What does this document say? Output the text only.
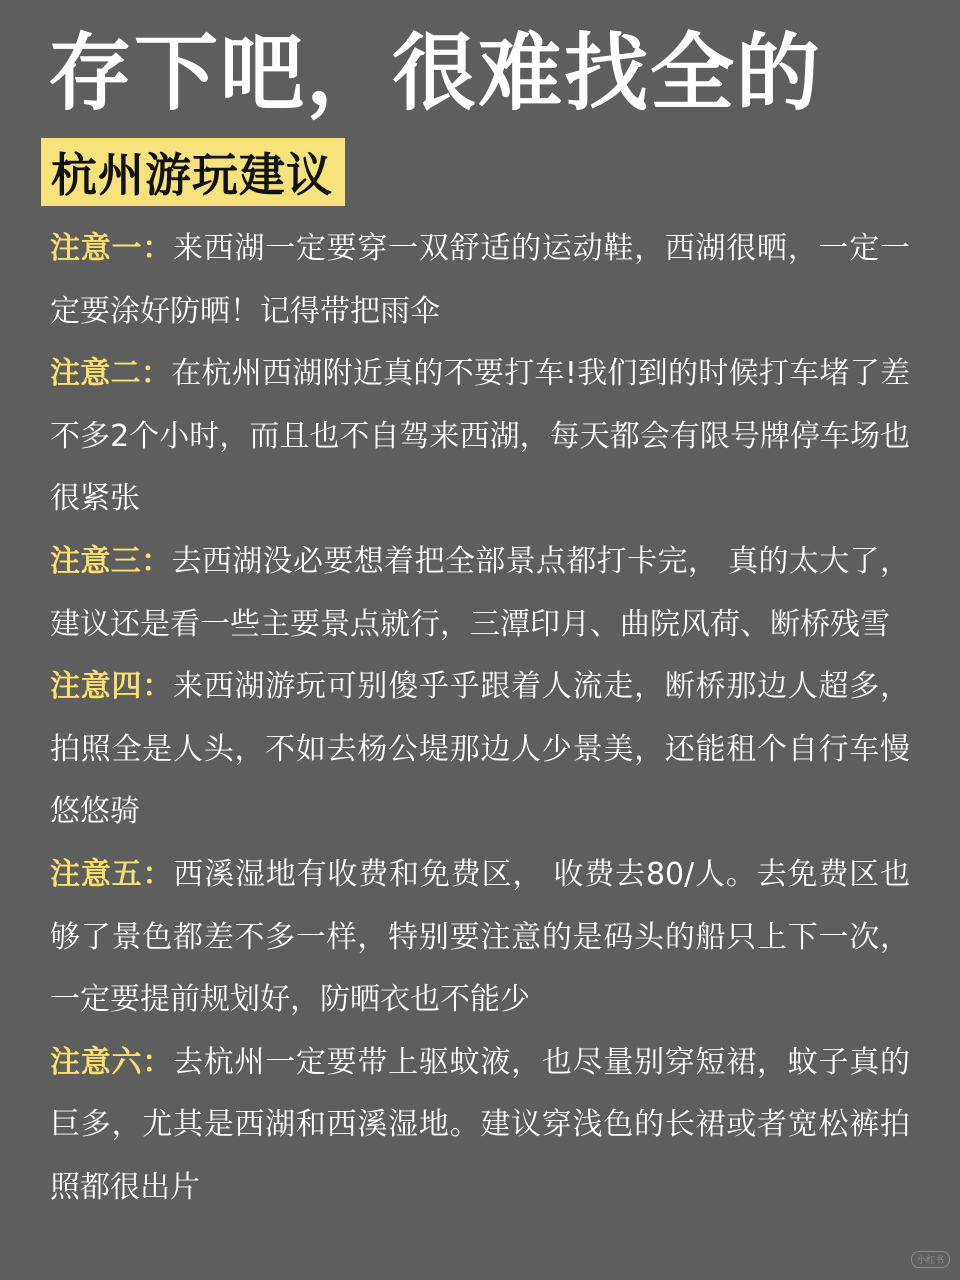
存下吧，很难找全的
杭州游玩建议
注意一：来西湖一定要穿一双舒适的运动鞋，西湖很晒，一定一定要涂好防晒！记得带把雨伞
注意二：在杭州西湖附近真的不要打车!我们到的时候打车堵了差不多2个小时，而且也不自驾来西湖，每天都会有限号牌停车场也很紧张
注意三：去西湖没必要想着把全部景点都打卡完， 真的太大了，建议还是看一些主要景点就行，三潭印月、曲院风荷、断桥残雪
注意四：来西湖游玩可别傻乎乎跟着人流走，断桥那边人超多，拍照全是人头，不如去杨公堤那边人少景美，还能租个自行车慢悠悠骑
注意五：西溪湿地有收费和免费区， 收费去80/人。去免费区也够了景色都差不多一样，特别要注意的是码头的船只上下一次，一定要提前规划好，防晒衣也不能少
注意六：去杭州一定要带上驱蚊液，也尽量别穿短裙，蚊子真的巨多，尤其是西湖和西溪湿地。建议穿浅色的长裙或者宽松裤拍照都很出片
小红书
